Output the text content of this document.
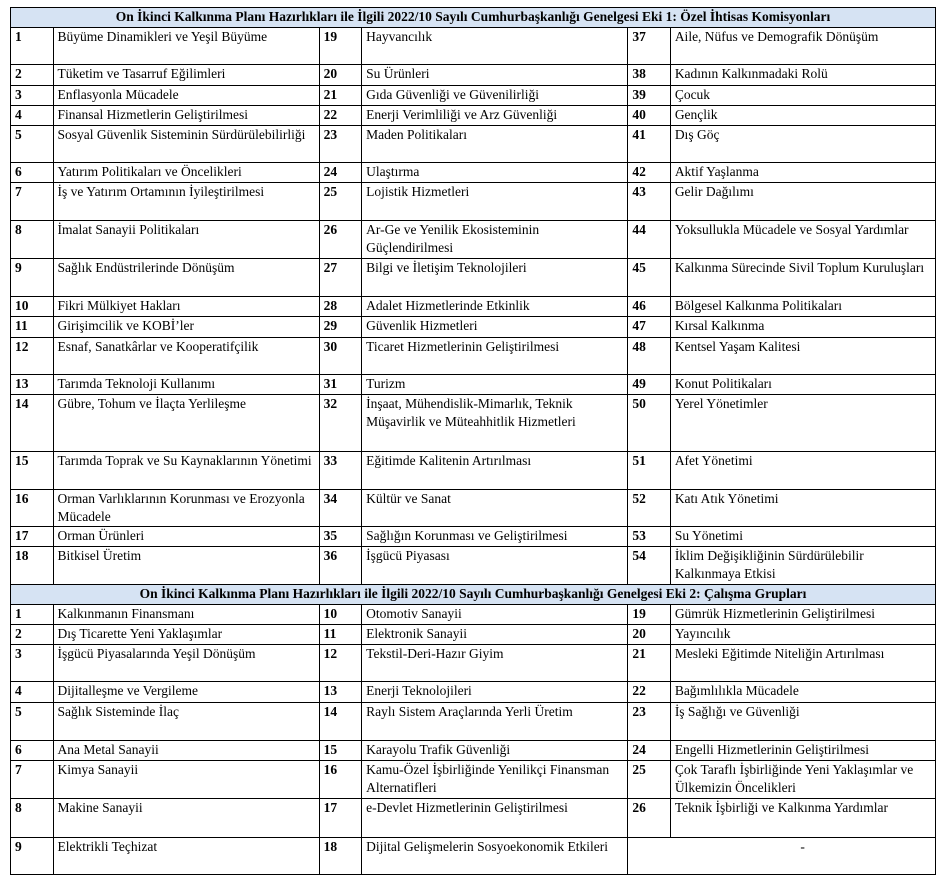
On İkinci Kalkınma Planı Hazırlıkları ile İlgili 2022/10 Sayılı Cumhurbaşkanlığı Genelgesi Eki 1: Özel İhtisas Komisyonları					
1	Büyüme Dinamikleri ve Yeşil Büyüme	19	Hayvancılık	37	Aile, Nüfus ve Demografik Dönüşüm
2	Tüketim ve Tasarruf Eğilimleri	20	Su Ürünleri	38	Kadının Kalkınmadaki Rolü
3	Enflasyonla Mücadele	21	Gıda Güvenliği ve Güvenilirliği	39	Çocuk
4	Finansal Hizmetlerin Geliştirilmesi	22	Enerji Verimliliği ve Arz Güvenliği	40	Gençlik
5	Sosyal Güvenlik Sisteminin Sürdürülebilirliği	23	Maden Politikaları	41	Dış Göç
6	Yatırım Politikaları ve Öncelikleri	24	Ulaştırma	42	Aktif Yaşlanma
7	İş ve Yatırım Ortamının İyileştirilmesi	25	Lojistik Hizmetleri	43	Gelir Dağılımı
8	İmalat Sanayii Politikaları	26	Ar-Ge ve Yenilik Ekosisteminin Güçlendirilmesi	44	Yoksullukla Mücadele ve Sosyal Yardımlar
9	Sağlık Endüstrilerinde Dönüşüm	27	Bilgi ve İletişim Teknolojileri	45	Kalkınma Sürecinde Sivil Toplum Kuruluşları
10	Fikri Mülkiyet Hakları	28	Adalet Hizmetlerinde Etkinlik	46	Bölgesel Kalkınma Politikaları
11	Girişimcilik ve KOBİ’ler	29	Güvenlik Hizmetleri	47	Kırsal Kalkınma
12	Esnaf, Sanatkârlar ve Kooperatifçilik	30	Ticaret Hizmetlerinin Geliştirilmesi	48	Kentsel Yaşam Kalitesi
13	Tarımda Teknoloji Kullanımı	31	Turizm	49	Konut Politikaları
14	Gübre, Tohum ve İlaçta Yerlileşme	32	İnşaat, Mühendislik-Mimarlık, Teknik Müşavirlik ve Müteahhitlik Hizmetleri	50	Yerel Yönetimler
15	Tarımda Toprak ve Su Kaynaklarının Yönetimi	33	Eğitimde Kalitenin Artırılması	51	Afet Yönetimi
16	Orman Varlıklarının Korunması ve Erozyonla Mücadele	34	Kültür ve Sanat	52	Katı Atık Yönetimi
17	Orman Ürünleri	35	Sağlığın Korunması ve Geliştirilmesi	53	Su Yönetimi
18	Bitkisel Üretim	36	İşgücü Piyasası	54	İklim Değişikliğinin Sürdürülebilir Kalkınmaya Etkisi
On İkinci Kalkınma Planı Hazırlıkları ile İlgili 2022/10 Sayılı Cumhurbaşkanlığı Genelgesi Eki 2: Çalışma Grupları					
1	Kalkınmanın Finansmanı	10	Otomotiv Sanayii	19	Gümrük Hizmetlerinin Geliştirilmesi
2	Dış Ticarette Yeni Yaklaşımlar	11	Elektronik Sanayii	20	Yayıncılık
3	İşgücü Piyasalarında Yeşil Dönüşüm	12	Tekstil-Deri-Hazır Giyim	21	Mesleki Eğitimde Niteliğin Artırılması
4	Dijitalleşme ve Vergileme	13	Enerji Teknolojileri	22	Bağımlılıkla Mücadele
5	Sağlık Sisteminde İlaç	14	Raylı Sistem Araçlarında Yerli Üretim	23	İş Sağlığı ve Güvenliği
6	Ana Metal Sanayii	15	Karayolu Trafik Güvenliği	24	Engelli Hizmetlerinin Geliştirilmesi
7	Kimya Sanayii	16	Kamu-Özel İşbirliğinde Yenilikçi Finansman Alternatifleri	25	Çok Taraflı İşbirliğinde Yeni Yaklaşımlar ve Ülkemizin Öncelikleri
8	Makine Sanayii	17	e-Devlet Hizmetlerinin Geliştirilmesi	26	Teknik İşbirliği ve Kalkınma Yardımlar
9	Elektrikli Teçhizat	18	Dijital Gelişmelerin Sosyoekonomik Etkileri		-
